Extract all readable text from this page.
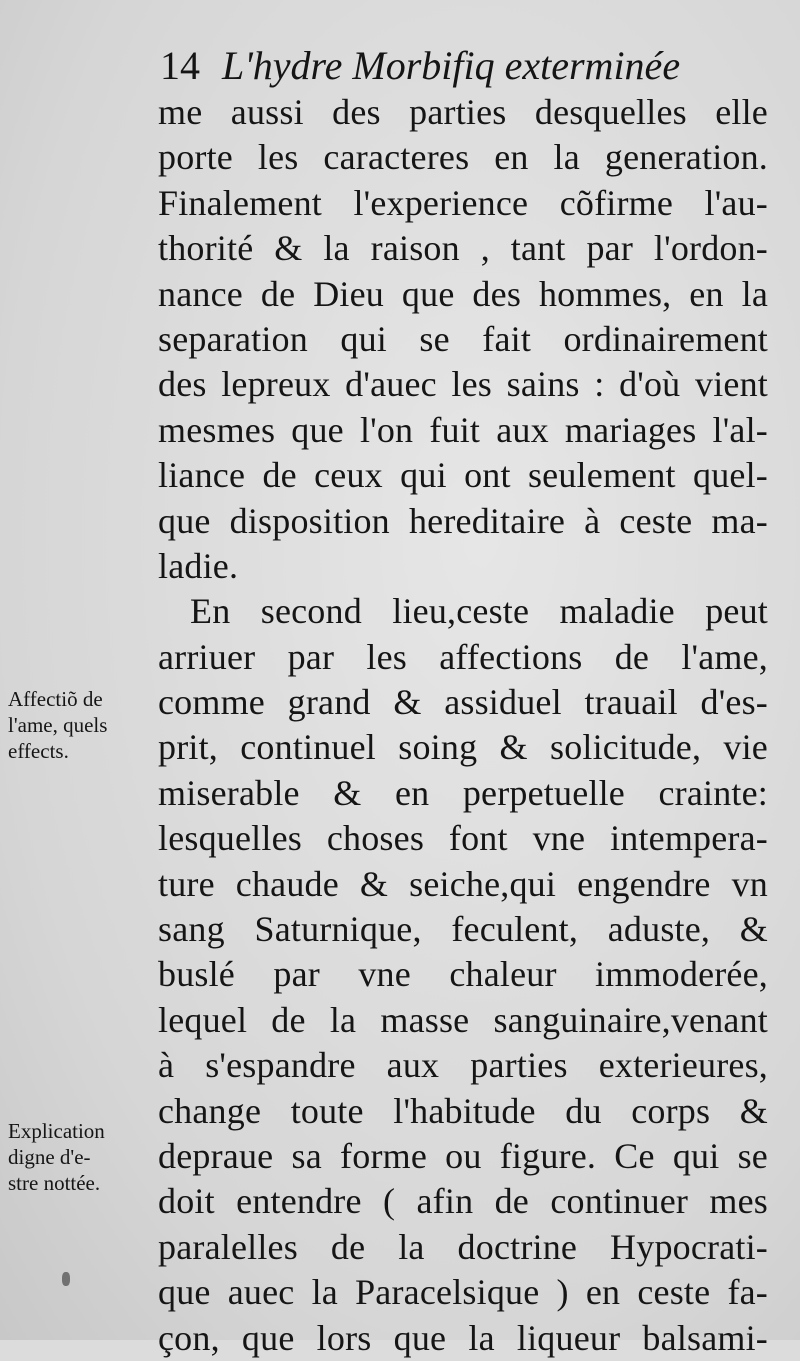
14 L'hydre Morbifiq exterminée
me aussi des parties desquelles elle
porte les caracteres en la generation.
Finalement l'experience cõfirme l'au-
thorité & la raison , tant par l'ordon-
nance de Dieu que des hommes, en la
separation qui se fait ordinairement
des lepreux d'auec les sains : d'où vient
mesmes que l'on fuit aux mariages l'al-
liance de ceux qui ont seulement quel-
que disposition hereditaire à ceste ma-
ladie.
En second lieu,ceste maladie peut
arriuer par les affections de l'ame,
comme grand & assiduel trauail d'es-
prit, continuel soing & solicitude, vie
miserable & en perpetuelle crainte:
lesquelles choses font vne intempera-
ture chaude & seiche,qui engendre vn
sang Saturnique, feculent, aduste, &
buslé par vne chaleur immoderée,
lequel de la masse sanguinaire,venant
à s'espandre aux parties exterieures,
change toute l'habitude du corps &
depraue sa forme ou figure. Ce qui se
doit entendre ( afin de continuer mes
paralelles de la doctrine Hypocrati-
que auec la Paracelsique ) en ceste fa-
çon, que lors que la liqueur balsami-
Affectiõ de
l'ame, quels
effects.
Explication
digne d'e-
stre nottée.
